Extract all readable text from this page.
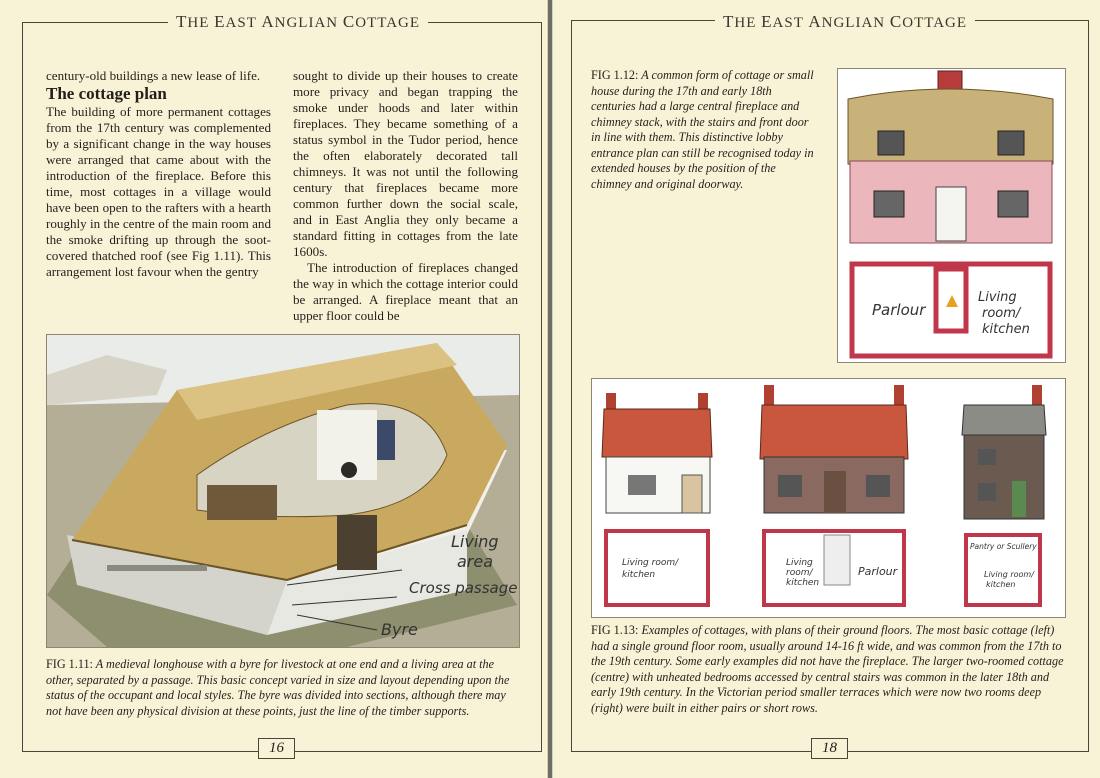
THE EAST ANGLIAN COTTAGE

century-old buildings a new lease of life.

The cottage plan

The building of more permanent cottages from the 17th century was complemented by a significant change in the way houses were arranged that came about with the introduction of the fireplace. Before this time, most cottages in a village would have been open to the rafters with a hearth roughly in the centre of the main room and the smoke drifting up through the soot-covered thatched roof (see Fig 1.11). This arrangement lost favour when the gentry

sought to divide up their houses to create more privacy and began trapping the smoke under hoods and later within fireplaces. They became something of a status symbol in the Tudor period, hence the often elaborately decorated tall chimneys. It was not until the following century that fireplaces became more common further down the social scale, and in East Anglia they only became a standard fitting in cottages from the late 1600s.

The introduction of fireplaces changed the way in which the cottage interior could be arranged. A fireplace meant that an upper floor could be

Living
area
Cross passage
Byre
FIG 1.11: A medieval longhouse with a byre for livestock at one end and a living area at the other, separated by a passage. This basic concept varied in size and layout depending upon the status of the occupant and local styles. The byre was divided into sections, although there may not have been any physical division at these points, just the line of the timber supports.
16
THE EAST ANGLIAN COTTAGE
FIG 1.12: A common form of cottage or small house during the 17th and early 18th centuries had a large central fireplace and chimney stack, with the stairs and front door in line with them. This distinctive lobby entrance plan can still be recognised today in extended houses by the position of the chimney and original doorway.
Parlour
Living
room/
kitchen
Living room/
kitchen
Living
room/
kitchen
Parlour
Pantry or Scullery
Living room/
kitchen
FIG 1.13: Examples of cottages, with plans of their ground floors. The most basic cottage (left) had a single ground floor room, usually around 14-16 ft wide, and was common from the 17th to the 19th century. Some early examples did not have the fireplace. The larger two-roomed cottage (centre) with unheated bedrooms accessed by central stairs was common in the later 18th and early 19th century. In the Victorian period smaller terraces which were now two rooms deep (right) were built in either pairs or short rows.
18
